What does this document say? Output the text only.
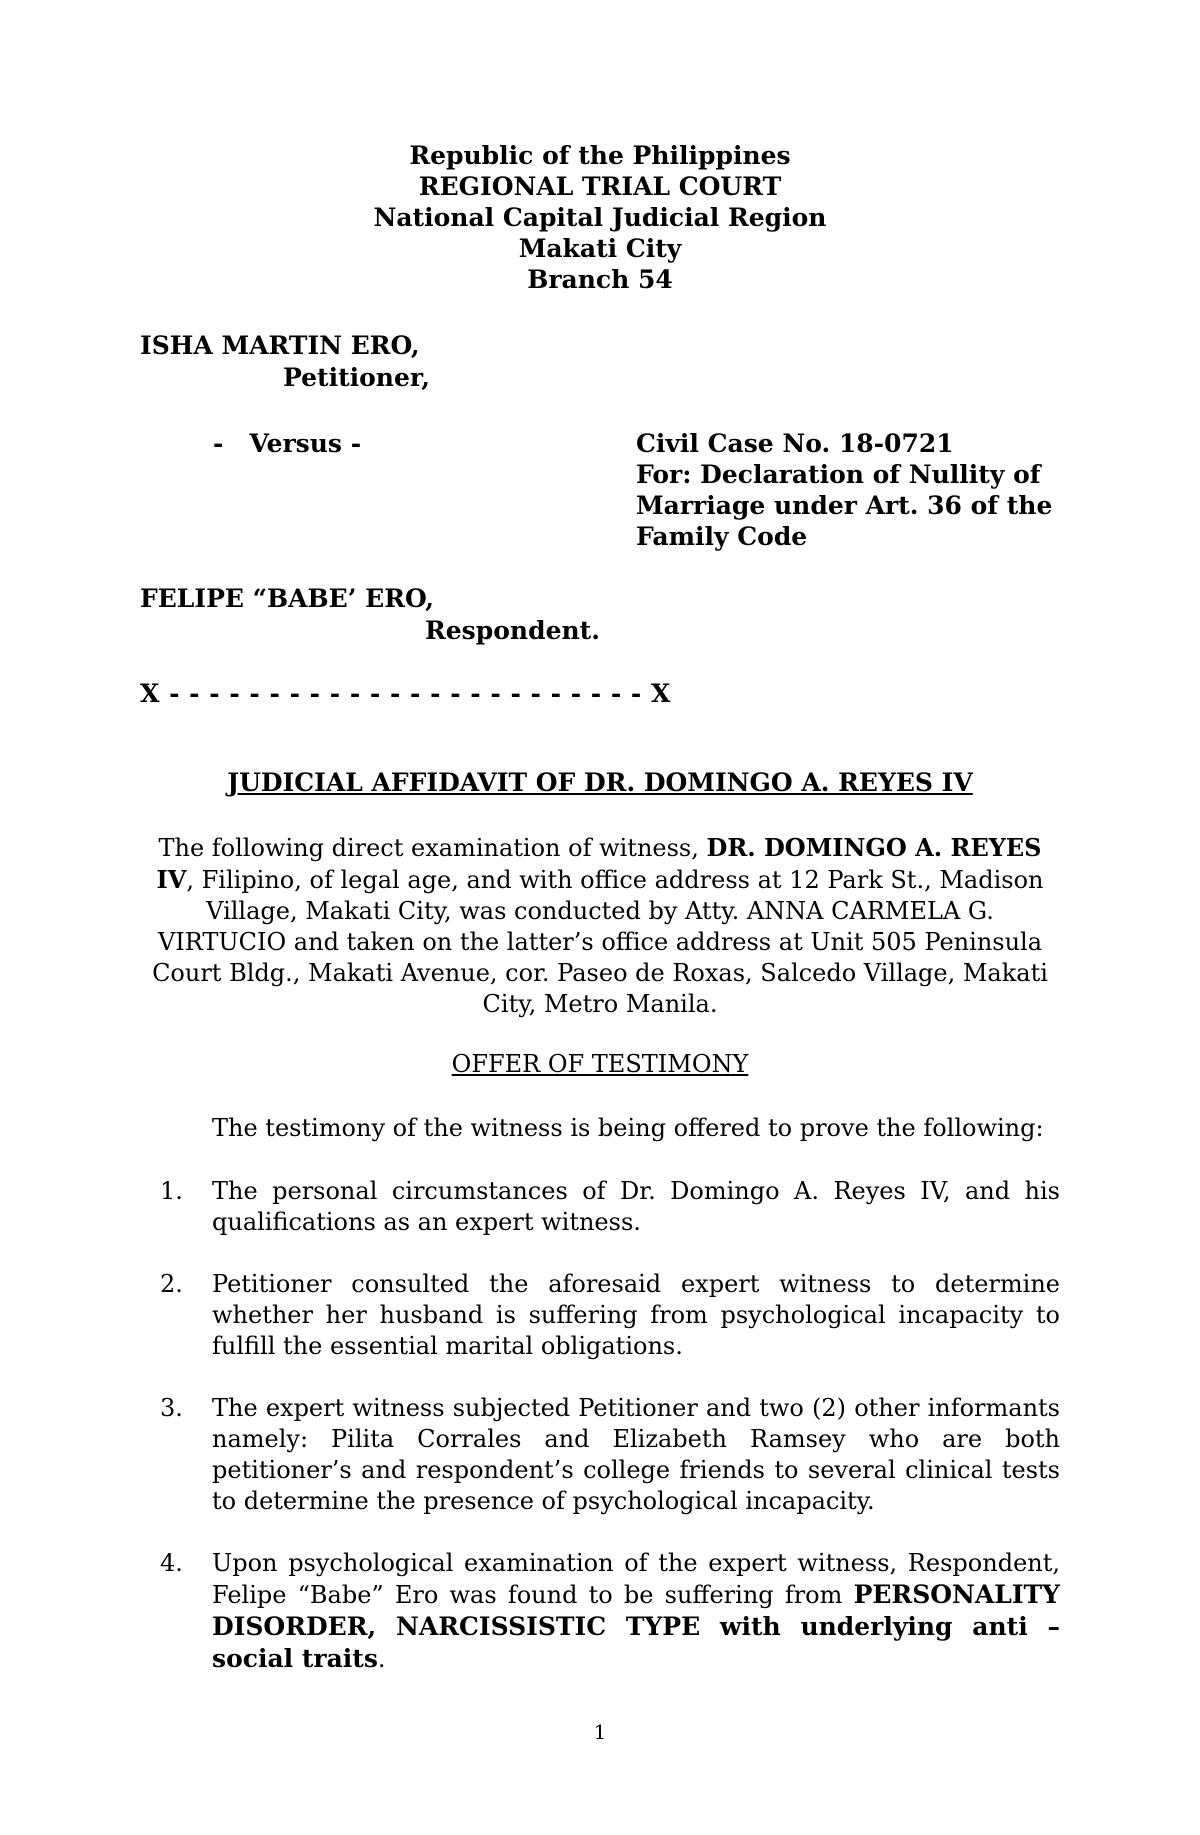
Republic of the Philippines
REGIONAL TRIAL COURT
National Capital Judicial Region
Makati City
Branch 54
ISHA MARTIN ERO,
Petitioner,
-   Versus -	Civil Case No. 18-0721
For: Declaration of Nullity of
Marriage under Art. 36 of the
Family Code
FELIPE “BABE’ ERO,
Respondent.
X - - - - - - - - - - - - - - - - - - - - - - - - X
JUDICIAL AFFIDAVIT OF DR. DOMINGO A. REYES IV
The following direct examination of witness, DR. DOMINGO A. REYES IV, Filipino, of legal age, and with office address at 12 Park St., Madison Village, Makati City, was conducted by Atty. ANNA CARMELA G. VIRTUCIO and taken on the latter’s office address at Unit 505 Peninsula Court Bldg., Makati Avenue, cor. Paseo de Roxas, Salcedo Village, Makati City, Metro Manila.
OFFER OF TESTIMONY
The testimony of the witness is being offered to prove the following:
1.	The personal circumstances of Dr. Domingo A. Reyes IV, and his qualifications as an expert witness.
2.	Petitioner consulted the aforesaid expert witness to determine whether her husband is suffering from psychological incapacity to fulfill the essential marital obligations.
3.	The expert witness subjected Petitioner and two (2) other informants namely: Pilita Corrales and Elizabeth Ramsey who are both petitioner’s and respondent’s college friends to several clinical tests to determine the presence of psychological incapacity.
4.	Upon psychological examination of the expert witness, Respondent, Felipe “Babe” Ero was found to be suffering from PERSONALITY DISORDER, NARCISSISTIC TYPE with underlying anti – social traits.
1
